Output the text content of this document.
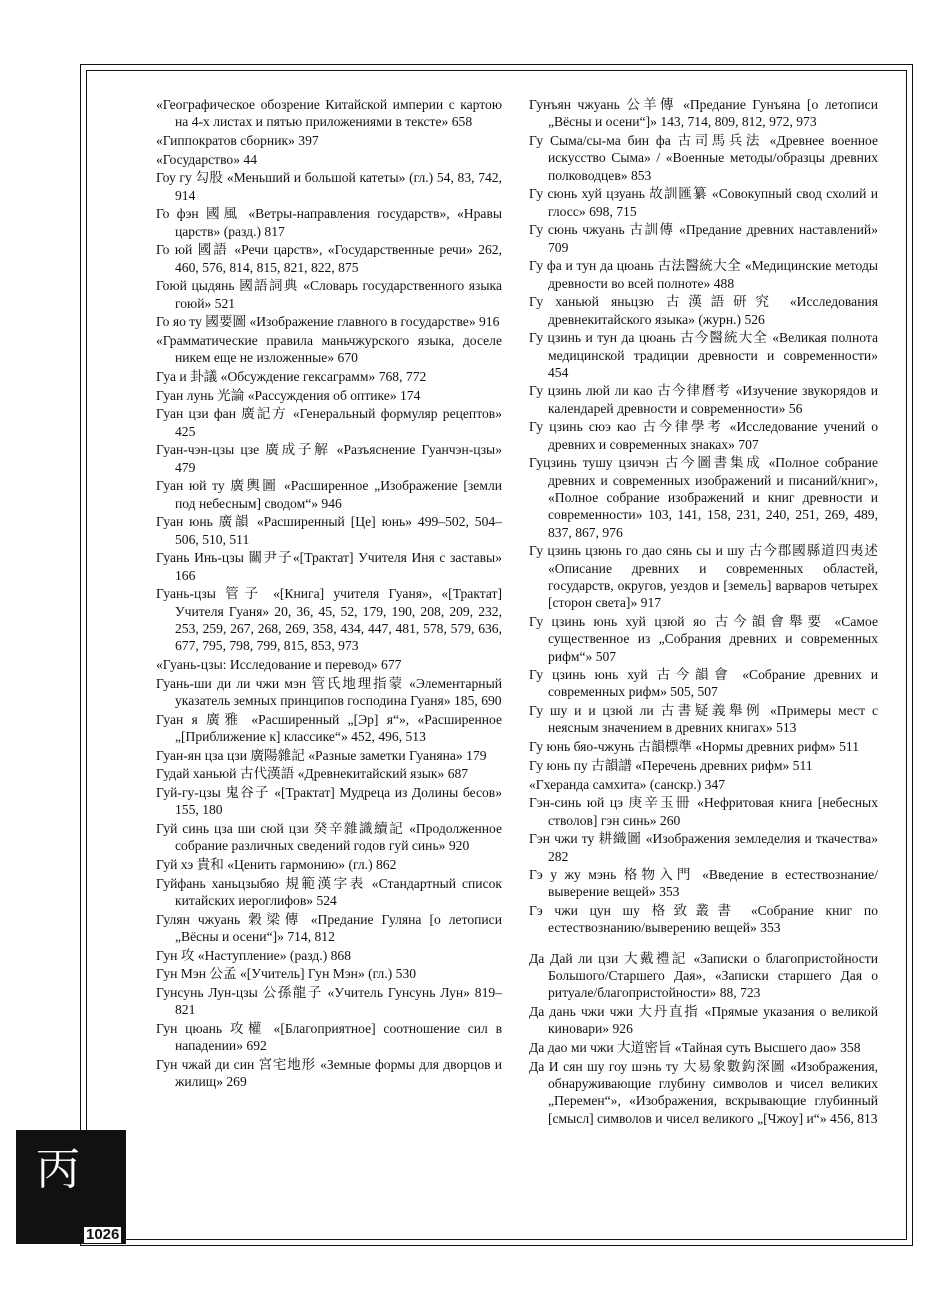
丙
1026

«Географическое обозрение Китайской империи с картою на 4-х листах и пятью приложениями в тексте» 658

«Гиппократов сборник» 397

«Государство» 44

Гоу гу 勾股 «Меньший и большой катеты» (гл.) 54, 83, 742, 914

Го фэн 國風 «Ветры-направления государств», «Нравы царств» (разд.) 817

Го юй 國語 «Речи царств», «Государственные речи» 262, 460, 576, 814, 815, 821, 822, 875

Гоюй цыдянь 國語詞典 «Словарь государственного языка гоюй» 521

Го яо ту 國要圖 «Изображение главного в государстве» 916

«Грамматические правила маньчжурского языка, доселе никем еще не изложенные» 670

Гуа и 卦議 «Обсуждение гексаграмм» 768, 772

Гуан лунь 光論 «Рассуждения об оптике» 174

Гуан цзи фан 廣記方 «Генеральный формуляр рецептов» 425

Гуан-чэн-цзы цзе 廣成子解 «Разъяснение Гуанчэн-цзы» 479

Гуан юй ту 廣輿圖 «Расширенное „Изображение [земли под небесным] сводом“» 946

Гуан юнь 廣韻 «Расширенный [Це] юнь» 499–502, 504–506, 510, 511

Гуань Инь-цзы 關尹子«[Трактат] Учителя Иня с заставы» 166

Гуань-цзы 管子 «[Книга] учителя Гуаня», «[Трактат] Учителя Гуаня» 20, 36, 45, 52, 179, 190, 208, 209, 232, 253, 259, 267, 268, 269, 358, 434, 447, 481, 578, 579, 636, 677, 795, 798, 799, 815, 853, 973

«Гуань-цзы: Исследование и перевод» 677

Гуань-ши ди ли чжи мэн 管氏地理指蒙 «Элементарный указатель земных принципов господина Гуаня» 185, 690

Гуан я 廣雅 «Расширенный „[Эр] я“», «Расширенное „[Приближение к] классике“» 452, 496, 513

Гуан-ян цза цзи 廣陽雜記 «Разные заметки Гуаняна» 179

Гудай ханьюй 古代漢語 «Древнекитайский язык» 687

Гуй-гу-цзы 鬼谷子 «[Трактат] Мудреца из Долины бесов» 155, 180

Гуй синь цза ши сюй цзи 癸辛雜識續記 «Продолженное собрание различных сведений годов гуй синь» 920

Гуй хэ 貴和 «Ценить гармонию» (гл.) 862

Гуйфань ханьцзыбяо 規範漢字表 «Стандартный список китайских иероглифов» 524

Гулян чжуань 穀梁傳 «Предание Гуляна [о летописи „Вёсны и осени“]» 714, 812

Гун 攻 «Наступление» (разд.) 868

Гун Мэн 公孟 «[Учитель] Гун Мэн» (гл.) 530

Гунсунь Лун-цзы 公孫龍子 «Учитель Гунсунь Лун» 819–821

Гун цюань 攻權 «[Благоприятное] соотношение сил в нападении» 692

Гун чжай ди син 宮宅地形 «Земные формы для дворцов и жилищ» 269

Гунъян чжуань 公羊傳 «Предание Гунъяна [о летописи „Вёсны и осени“]» 143, 714, 809, 812, 972, 973

Гу Сыма/сы-ма бин фа 古司馬兵法 «Древнее военное искусство Сыма» / «Военные методы/образцы древних полководцев» 853

Гу сюнь хуй цзуань 故訓匯纂 «Совокупный свод схолий и глосс» 698, 715

Гу сюнь чжуань 古訓傳 «Предание древних наставлений» 709

Гу фа и тун да цюань 古法醫統大全 «Медицинские методы древности во всей полноте» 488

Гу ханьюй яньцзю 古漢語研究 «Исследования древнекитайского языка» (журн.) 526

Гу цзинь и тун да цюань 古今醫統大全 «Великая полнота медицинской традиции древности и современности» 454

Гу цзинь люй ли као 古今律曆考 «Изучение звукорядов и календарей древности и современности» 56

Гу цзинь сюэ као 古今律學考 «Исследование учений о древних и современных знаках» 707

Гуцзинь тушу цзичэн 古今圖書集成 «Полное собрание древних и современных изображений и писаний/книг», «Полное собрание изображений и книг древности и современности» 103, 141, 158, 231, 240, 251, 269, 489, 837, 867, 976

Гу цзинь цзюнь го дао сянь сы и шу 古今郡國縣道四夷述 «Описание древних и современных областей, государств, округов, уездов и [земель] варваров четырех [сторон света]» 917

Гу цзинь юнь хуй цзюй яо 古今韻會舉要 «Самое существенное из „Собрания древних и современных рифм“» 507

Гу цзинь юнь хуй 古今韻會 «Собрание древних и современных рифм» 505, 507

Гу шу и и цзюй ли 古書疑義舉例 «Примеры мест с неясным значением в древних книгах» 513

Гу юнь бяо-чжунь 古韻標準 «Нормы древних рифм» 511

Гу юнь пу 古韻譜 «Перечень древних рифм» 511

«Гхеранда самхита» (санскр.) 347

Гэн-синь юй цэ 庚辛玉冊 «Нефритовая книга [небесных стволов] гэн синь» 260

Гэн чжи ту 耕織圖 «Изображения земледелия и ткачества» 282

Гэ у жу мэнь 格物入門 «Введение в естествознание/выверение вещей» 353

Гэ чжи цун шу 格致叢書 «Собрание книг по естествознанию/выверению вещей» 353

Да Дай ли цзи 大戴禮記 «Записки о благопристойности Большого/Старшего Дая», «Записки старшего Дая о ритуале/благопристойности» 88, 723

Да дань чжи чжи 大丹直指 «Прямые указания о великой киновари» 926

Да дао ми чжи 大道密旨 «Тайная суть Высшего дао» 358

Да И сян шу гоу шэнь ту 大易象數鈎深圖 «Изображения, обнаруживающие глубину символов и чисел великих „Перемен“», «Изображения, вскрывающие глубинный [смысл] символов и чисел великого „[Чжоу] и“» 456, 813
